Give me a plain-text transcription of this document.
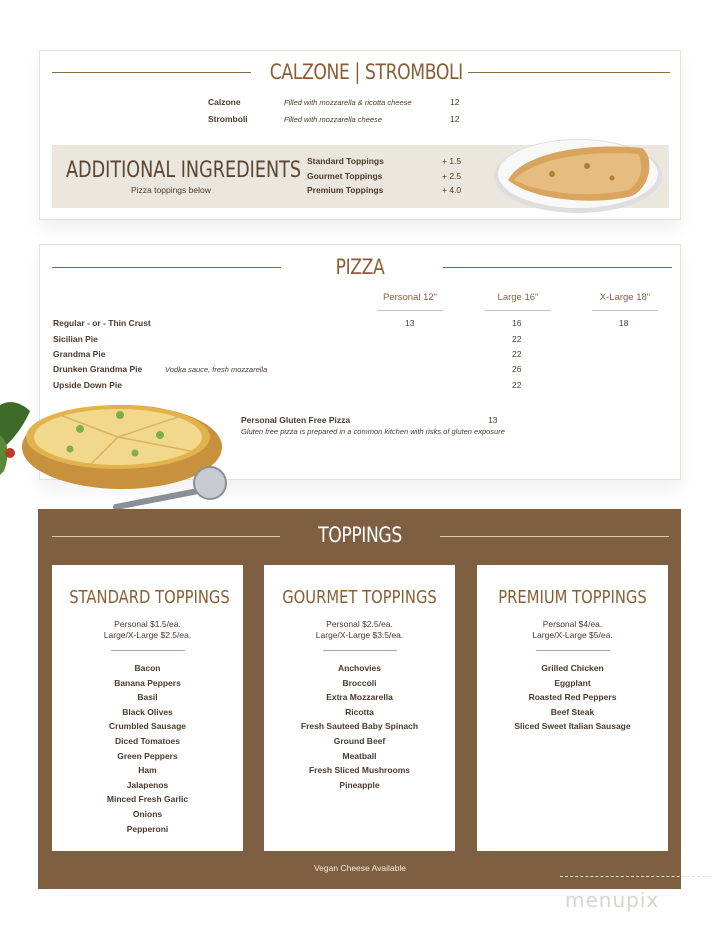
CALZONE | STROMBOLI
Calzone	Filled with mozzarella & ricotta cheese	12
Stromboli	Filled with mozzarella cheese	12
ADDITIONAL INGREDIENTS
Pizza toppings below
Standard Toppings	+ 1.5
Gourmet Toppings	+ 2.5
Premium Toppings	+ 4.0
PIZZA
Personal 12"	Large 16"	X-Large 18"
Regular - or - Thin Crust	13	16	18
Sicilian Pie	22
Grandma Pie	22
Drunken Grandma Pie	Vodka sauce, fresh mozzarella	26
Upside Down Pie	22
Personal Gluten Free Pizza	13
Gluten free pizza is prepared in a common kitchen with risks of gluten exposure
TOPPINGS
STANDARD TOPPINGS
Personal $1.5/ea.
Large/X-Large $2.5/ea.
Bacon
Banana Peppers
Basil
Black Olives
Crumbled Sausage
Diced Tomatoes
Green Peppers
Ham
Jalapenos
Minced Fresh Garlic
Onions
Pepperoni
GOURMET TOPPINGS
Personal $2.5/ea.
Large/X-Large $3.5/ea.
Anchovies
Broccoli
Extra Mozzarella
Ricotta
Fresh Sauteed Baby Spinach
Ground Beef
Meatball
Fresh Sliced Mushrooms
Pineapple
PREMIUM TOPPINGS
Personal $4/ea.
Large/X-Large $5/ea.
Grilled Chicken
Eggplant
Roasted Red Peppers
Beef Steak
Sliced Sweet Italian Sausage
Vegan Cheese Available
menupix
